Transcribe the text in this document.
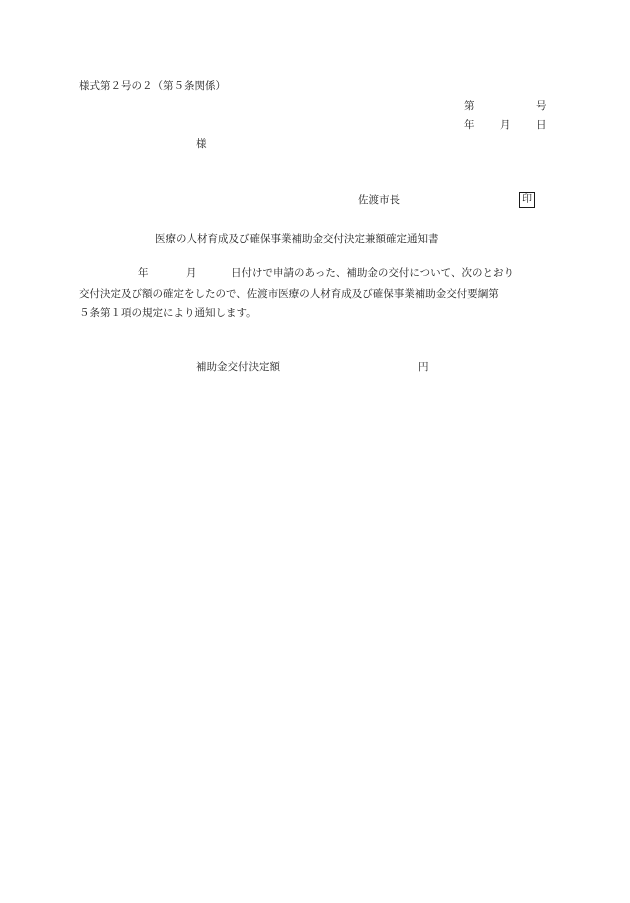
様式第２号の２（第５条関係）
第	号
年 月 日
様
佐渡市長	印
医療の人材育成及び確保事業補助金交付決定兼額確定通知書
年	月	日付けで申請のあった、補助金の交付について、次のとおり
交付決定及び額の確定をしたので、佐渡市医療の人材育成及び確保事業補助金交付要綱第
５条第１項の規定により通知します。
補助金交付決定額	円
